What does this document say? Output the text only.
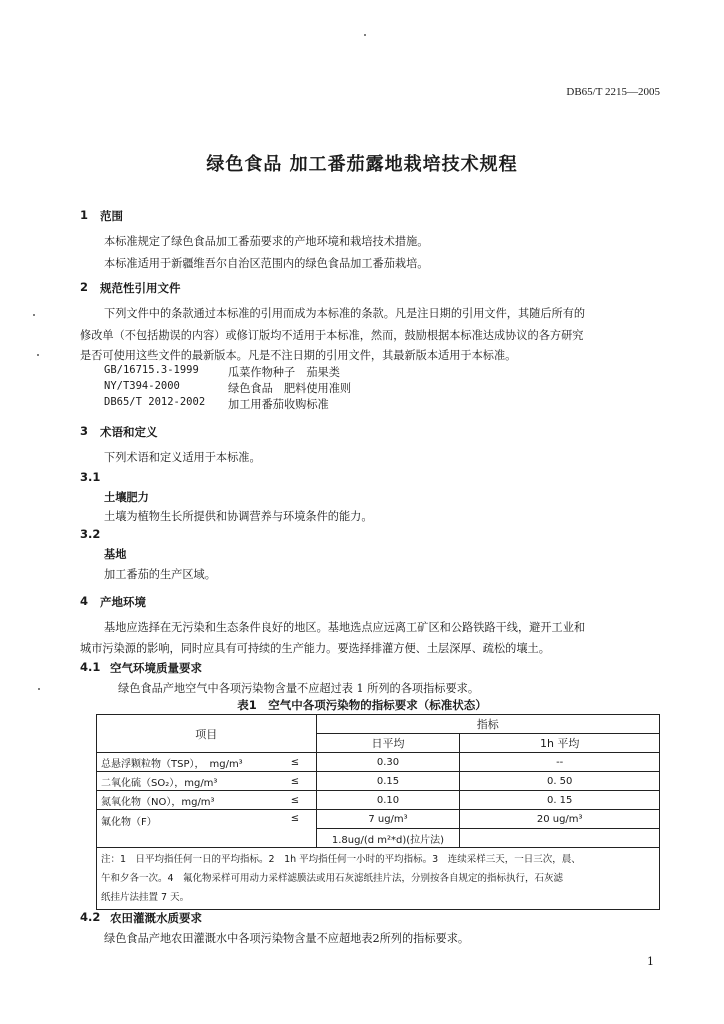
DB65/T 2215—2005
绿色食品 加工番茄露地栽培技术规程
1 范围
本标准规定了绿色食品加工番茄要求的产地环境和栽培技术措施。
本标准适用于新疆维吾尔自治区范围内的绿色食品加工番茄栽培。
2 规范性引用文件
下列文件中的条款通过本标准的引用而成为本标准的条款。凡是注日期的引用文件，其随后所有的
修改单（不包括勘误的内容）或修订版均不适用于本标准，然而，鼓励根据本标准达成协议的各方研究
是否可使用这些文件的最新版本。凡是不注日期的引用文件，其最新版本适用于本标准。
GB/16715.3-1999	瓜菜作物种子　茄果类
NY/T394-2000	绿色食品　肥料使用准则
DB65/T 2012-2002 加工用番茄收购标准
3 术语和定义
下列术语和定义适用于本标准。
3.1
土壤肥力
土壤为植物生长所提供和协调营养与环境条件的能力。
3.2
基地
加工番茄的生产区域。
4 产地环境
基地应选择在无污染和生态条件良好的地区。基地选点应远离工矿区和公路铁路干线，避开工业和
城市污染源的影响，同时应具有可持续的生产能力。要选择排灌方便、土层深厚、疏松的壤土。
4.1 空气环境质量要求
绿色食品产地空气中各项污染物含量不应超过表 1 所列的各项指标要求。
表1　空气中各项污染物的指标要求（标准状态）
项目		指标	
		日平均	1h 平均
总悬浮颗粒物（TSP），　mg/m³	≤	0.30	--
二氧化硫（SO₂），mg/m³	≤	0.15	0. 50
氮氧化物（NO），mg/m³	≤	0.10	0. 15
氟化物（F）	≤	7 ug/m³	20 ug/m³
		1.8ug/(d m²*d)(拉片法)	

注：1　日平均指任何一日的平均指标。2　1h 平均指任何一小时的平均指标。3　连续采样三天，一日三次，晨、
午和夕各一次。4　氟化物采样可用动力采样滤膜法或用石灰滤纸挂片法，分别按各自规定的指标执行，石灰滤
纸挂片法挂置 7 天。			
4.2 农田灌溉水质要求
绿色食品产地农田灌溉水中各项污染物含量不应超地表2所列的指标要求。
1
